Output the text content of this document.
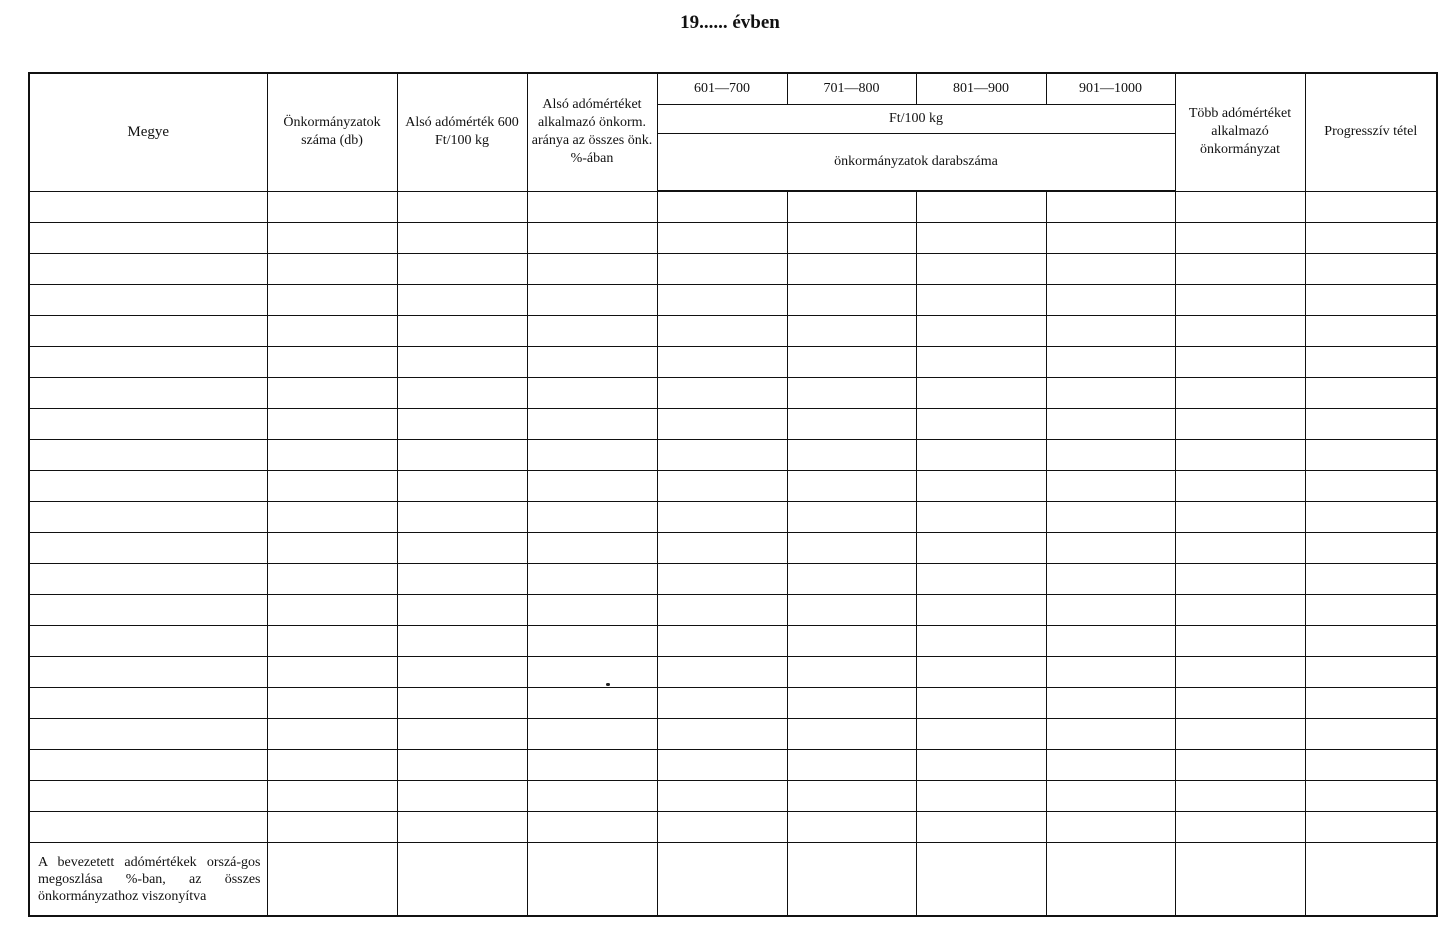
19...... évben
Megye	Önkormányzatok száma (db)	Alsó adómérték 600 Ft/100 kg	Alsó adómértéket alkalmazó önkorm. aránya az összes önk. %-ában	601—700	701—800	801—900	901—1000	Több adómértéket alkalmazó önkormányzat	Progresszív tétel
				Ft/100 kg					
				önkormányzatok darabszáma					

A bevezetett adómértékek orszá-gos megoszlása %-ban, az összes önkormányzathoz viszonyítva									
